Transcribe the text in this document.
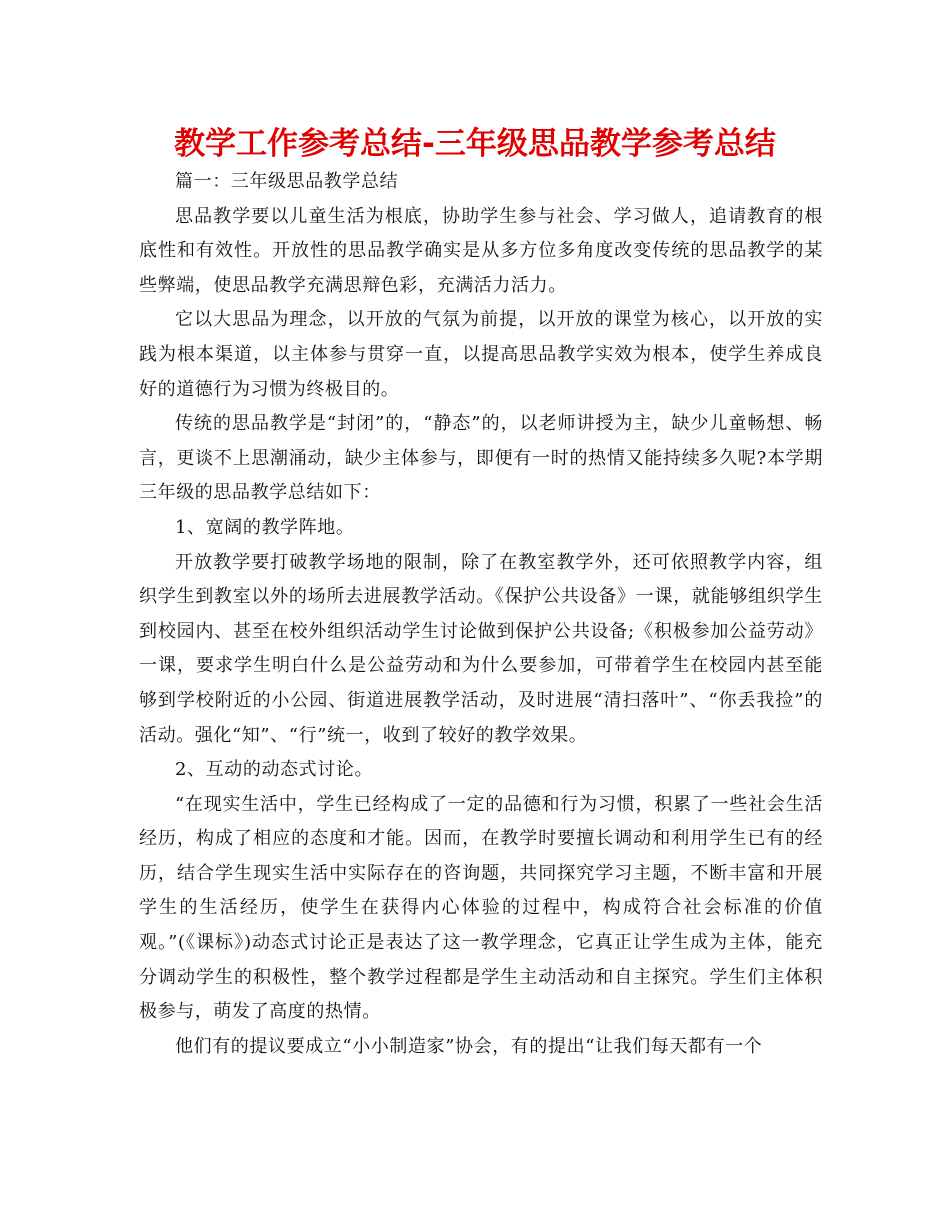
教学工作参考总结-三年级思品教学参考总结

篇一：三年级思品教学总结

思品教学要以儿童生活为根底，协助学生参与社会、学习做人，追请教育的根底性和有效性。开放性的思品教学确实是从多方位多角度改变传统的思品教学的某些弊端，使思品教学充满思辩色彩，充满活力活力。

它以大思品为理念，以开放的气氛为前提，以开放的课堂为核心，以开放的实践为根本渠道，以主体参与贯穿一直，以提高思品教学实效为根本，使学生养成良好的道德行为习惯为终极目的。

传统的思品教学是“封闭”的，“静态”的，以老师讲授为主，缺少儿童畅想、畅言，更谈不上思潮涌动，缺少主体参与，即便有一时的热情又能持续多久呢?本学期三年级的思品教学总结如下：

1、宽阔的教学阵地。

开放教学要打破教学场地的限制，除了在教室教学外，还可依照教学内容，组织学生到教室以外的场所去进展教学活动。《保护公共设备》一课，就能够组织学生到校园内、甚至在校外组织活动学生讨论做到保护公共设备;《积极参加公益劳动》一课，要求学生明白什么是公益劳动和为什么要参加，可带着学生在校园内甚至能够到学校附近的小公园、街道进展教学活动，及时进展“清扫落叶”、“你丢我捡”的活动。强化“知”、“行”统一，收到了较好的教学效果。

2、互动的动态式讨论。

“在现实生活中，学生已经构成了一定的品德和行为习惯，积累了一些社会生活经历，构成了相应的态度和才能。因而，在教学时要擅长调动和利用学生已有的经历，结合学生现实生活中实际存在的咨询题，共同探究学习主题，不断丰富和开展学生的生活经历，使学生在获得内心体验的过程中，构成符合社会标准的价值观。”(《课标》)动态式讨论正是表达了这一教学理念，它真正让学生成为主体，能充分调动学生的积极性，整个教学过程都是学生主动活动和自主探究。学生们主体积极参与，萌发了高度的热情。

他们有的提议要成立“小小制造家”协会，有的提出“让我们每天都有一个
